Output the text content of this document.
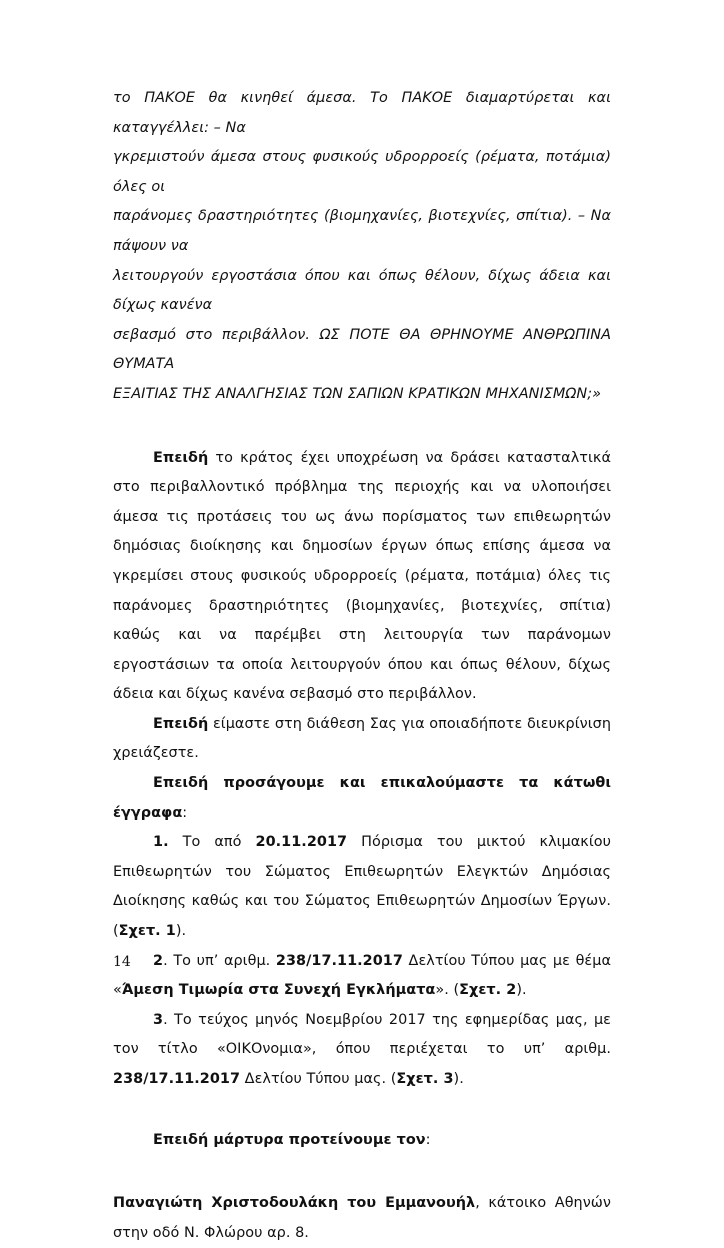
το ΠΑΚΟΕ θα κινηθεί άμεσα. Το ΠΑΚΟΕ διαμαρτύρεται και καταγγέλλει: – Να
γκρεμιστούν άμεσα στους φυσικούς υδρορροείς (ρέματα, ποτάμια) όλες οι
παράνομες δραστηριότητες (βιομηχανίες, βιοτεχνίες, σπίτια). – Να πάψουν να
λειτουργούν εργοστάσια όπου και όπως θέλουν, δίχως άδεια και δίχως κανένα
σεβασμό στο περιβάλλον. ΩΣ ΠΟΤΕ ΘΑ ΘΡΗΝΟΥΜΕ ΑΝΘΡΩΠΙΝΑ ΘΥΜΑΤΑ
ΕΞΑΙΤΙΑΣ ΤΗΣ ΑΝΑΛΓΗΣΙΑΣ ΤΩΝ ΣΑΠΙΩΝ ΚΡΑΤΙΚΩΝ ΜΗΧΑΝΙΣΜΩΝ;»

Επειδή το κράτος έχει υποχρέωση να δράσει κατασταλτικά στο περιβαλλοντικό πρόβλημα της περιοχής και να υλοποιήσει άμεσα τις προτάσεις του ως άνω πορίσματος των επιθεωρητών δημόσιας διοίκησης και δημοσίων έργων όπως επίσης άμεσα να γκρεμίσει στους φυσικούς υδρορροείς (ρέματα, ποτάμια) όλες τις παράνομες δραστηριότητες (βιομηχανίες, βιοτεχνίες, σπίτια) καθώς και να παρέμβει στη λειτουργία των παράνομων εργοστάσιων τα οποία λειτουργούν όπου και όπως θέλουν, δίχως άδεια και δίχως κανένα σεβασμό στο περιβάλλον.

Επειδή είμαστε στη διάθεση Σας για οποιαδήποτε διευκρίνιση χρειάζεστε.

Επειδή προσάγουμε και επικαλούμαστε τα κάτωθι έγγραφα:

1. Το από 20.11.2017 Πόρισμα του μικτού κλιμακίου Επιθεωρητών του Σώματος Επιθεωρητών Ελεγκτών Δημόσιας Διοίκησης καθώς και του Σώματος Επιθεωρητών Δημοσίων Έργων. (Σχετ. 1).

2. Το υπ’ αριθμ. 238/17.11.2017 Δελτίου Τύπου μας με θέμα «Άμεση Τιμωρία στα Συνεχή Εγκλήματα». (Σχετ. 2).

3. Το τεύχος μηνός Νοεμβρίου 2017 της εφημερίδας μας, με τον τίτλο «ΟΙΚΟνομια», όπου περιέχεται το υπ’ αριθμ. 238/17.11.2017 Δελτίου Τύπου μας. (Σχετ. 3).

Επειδή μάρτυρα προτείνουμε τον:

Παναγιώτη Χριστοδουλάκη του Εμμανουήλ, κάτοικο Αθηνών στην οδό Ν. Φλώρου αρ. 8.

14
